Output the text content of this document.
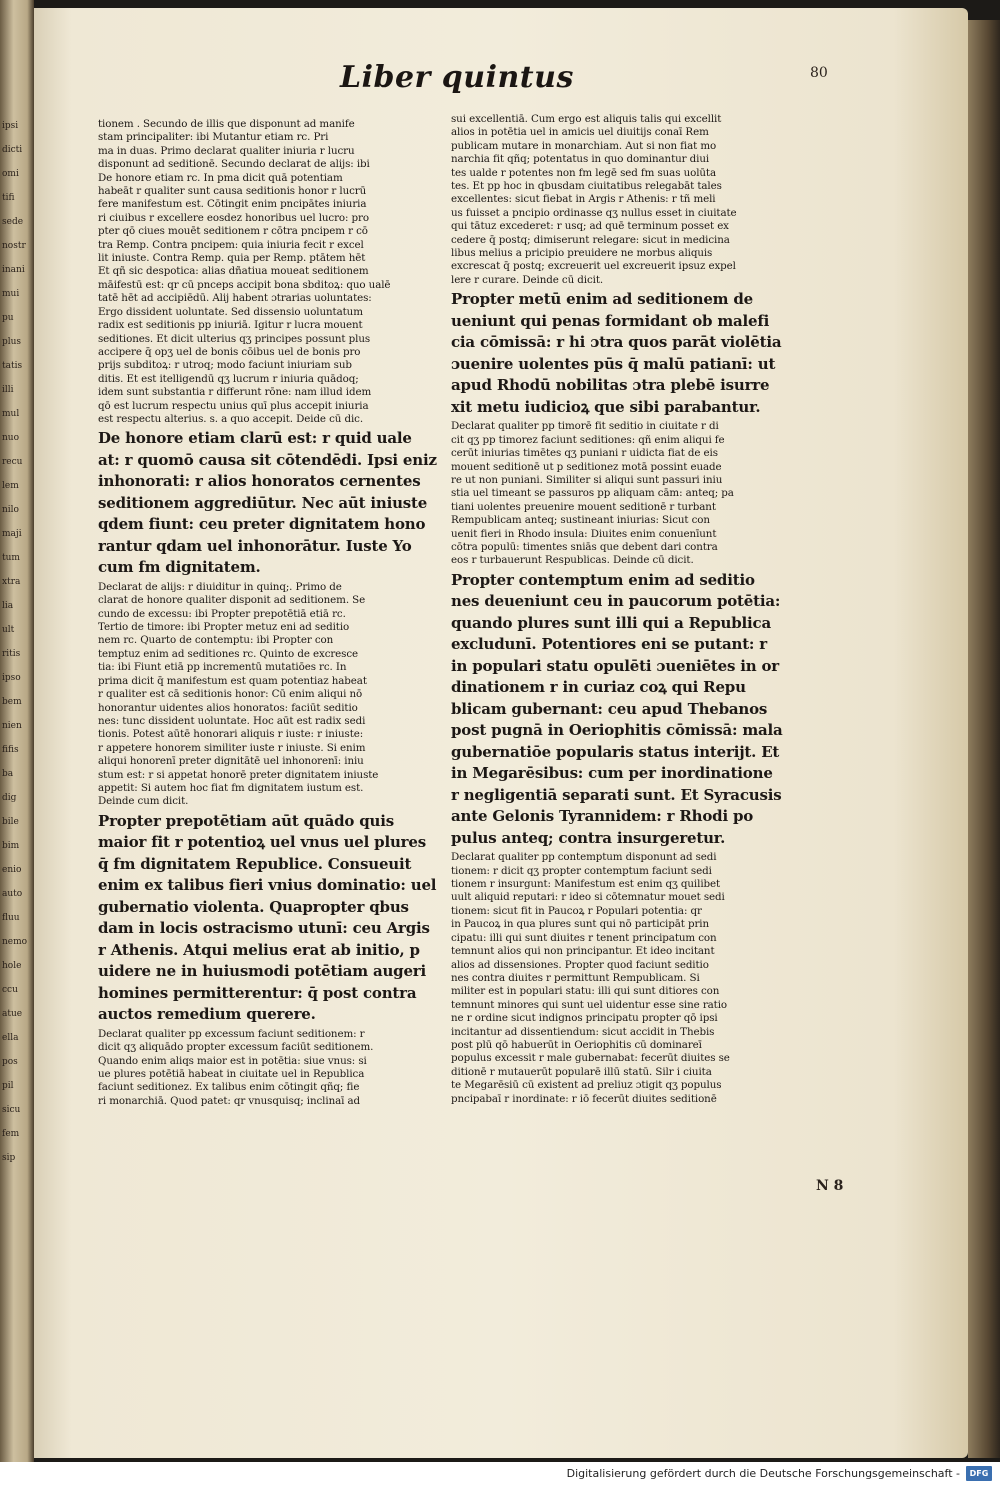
ipsi
dicti
omi
tifi
sede
nostr
inani
mui
pu
plus
tatis
illi
mul
nuo
recu
lem
nilo
maji
tum
xtra
lia
ult
ritis
ipso
bem
nien
fifis
ba
dig
bile
bim
enio
auto
fluu
nemo
hole
ccu
atue
ella
pos
pil
sicu
fem
sip
Liber quintus	80

tionem . Secundo de illis que disponunt ad manife
stam principaliter: ibi Mutantur etiam rc. Pri
ma in duas. Primo declarat qualiter iniuria r lucru
disponunt ad seditionē. Secundo declarat de alijs: ibi
De honore etiam rc. In pma dicit quā potentiam
habeāt r qualiter sunt causa seditionis honor r lucrū
fere manifestum est. Cōtingit enim pncipātes iniuria
ri ciuibus r excellere eosdez honoribus uel lucro: pro
pter qō ciues mouēt seditionem r cōtra pncipem r cō
tra Remp. Contra pncipem: quia iniuria fecit r excel
lit iniuste. Contra Remp. quia per Remp. ptātem hēt
Et qñ sic despotica: alias dñatiua moueat seditionem
māifestū est: qr cū pnceps accipit bona sbditoꝝ: quo ualē
tatē hēt ad accipiēdū. Alij habent ɔtrarias uoluntates:
Ergo dissident uoluntate. Sed dissensio uoluntatum
radix est seditionis pp iniuriā. Igitur r lucra mouent
seditiones. Et dicit ulterius qʒ principes possunt plus
accipere q̄ opʒ uel de bonis cōibus uel de bonis pro
prijs subditoꝝ: r utroq; modo faciunt iniuriam sub
ditis. Et est itelligendū qʒ lucrum r iniuria quādoq;
idem sunt substantia r differunt rōne: nam illud idem
qō est lucrum respectu unius quī plus accepit iniuria
est respectu alterius. s. a quo accepit. Deide cū dic.

De honore etiam clarū est: r quid uale
at: r quomō causa sit cōtendēdi. Ipsi eniz
inhonorati: r alios honoratos cernentes
seditionem aggrediūtur. Nec aūt iniuste
qdem fiunt: ceu preter dignitatem hono
rantur qdam uel inhonorātur. Iuste Yo
cum fm dignitatem.

Declarat de alijs: r diuiditur in quinq;. Primo de
clarat de honore qualiter disponit ad seditionem. Se
cundo de excessu: ibi Propter prepotētiā etiā rc.
Tertio de timore: ibi Propter metuz eni ad seditio
nem rc. Quarto de contemptu: ibi Propter con
temptuz enim ad seditiones rc. Quinto de excresce
tia: ibi Fiunt etiā pp incrementū mutatiōes rc. In
prima dicit q̄ manifestum est quam potentiaz habeat
r qualiter est cā seditionis honor: Cū enim aliqui nō
honorantur uidentes alios honoratos: faciūt seditio
nes: tunc dissident uoluntate. Hoc aūt est radix sedi
tionis. Potest aūtē honorari aliquis r iuste: r iniuste:
r appetere honorem similiter iuste r iniuste. Si enim
aliqui honorenī preter dignitātē uel inhonorenī: iniu
stum est: r si appetat honorē preter dignitatem iniuste
appetit: Si autem hoc fiat fm dignitatem iustum est.
Deinde cum dicit.

Propter prepotētiam aūt quādo quis
maior fit r potentioꝝ uel vnus uel plures
q̄ fm dignitatem Republice. Consueuit
enim ex talibus fieri vnius dominatio: uel
gubernatio violenta. Quapropter qbus
dam in locis ostracismo utunī: ceu Argis
r Athenis. Atqui melius erat ab initio, p
uidere ne in huiusmodi potētiam augeri
homines permitterentur: q̄ post contra
auctos remedium querere.

Declarat qualiter pp excessum faciunt seditionem: r
dicit qʒ aliquādo propter excessum faciūt seditionem.
Quando enim aliqs maior est in potētia: siue vnus: si
ue plures potētiā habeat in ciuitate uel in Republica
faciunt seditionez. Ex talibus enim cōtingit qñq; fie
ri monarchiā. Quod patet: qr vnusquisq; inclinaī ad

sui excellentiā. Cum ergo est aliquis talis qui excellit
alios in potētia uel in amicis uel diuitijs conaī Rem
publicam mutare in monarchiam. Aut si non fiat mo
narchia fit qñq; potentatus in quo dominantur diui
tes ualde r potentes non fm legē sed fm suas uolūta
tes. Et pp hoc in qbusdam ciuitatibus relegabāt tales
excellentes: sicut fiebat in Argis r Athenis: r tñ meli
us fuisset a pncipio ordinasse qʒ nullus esset in ciuitate
qui tātuz excederet: r usq; ad quē terminum posset ex
cedere q̄ postq; dimiserunt relegare: sicut in medicina
libus melius a pricipio preuidere ne morbus aliquis
excrescat q̄ postq; excreuerit uel excreuerit ipsuz expel
lere r curare. Deinde cū dicit.

Propter metū enim ad seditionem de
ueniunt qui penas formidant ob malefi
cia cōmissā: r hi ɔtra quos parāt violētia
ɔuenire uolentes pūs q̄ malū patianī: ut
apud Rhodū nobilitas ɔtra plebē isurre
xit metu iudicioꝝ que sibi parabantur.

Declarat qualiter pp timorē fit seditio in ciuitate r di
cit qʒ pp timorez faciunt seditiones: qñ enim aliqui fe
cerūt iniurias timētes qʒ puniani r uidicta fiat de eis
mouent seditionē ut p seditionez motā possint euade
re ut non puniani. Similiter si aliqui sunt passuri iniu
stia uel timeant se passuros pp aliquam cām: anteq; pa
tiani uolentes preuenire mouent seditionē r turbant
Rempublicam anteq; sustineant iniurias: Sicut con
uenit fieri in Rhodo insula: Diuites enim conuenīunt
cōtra populū: timentes sniās que debent dari contra
eos r turbauerunt Respublicas. Deinde cū dicit.

Propter contemptum enim ad seditio
nes deueniunt ceu in paucorum potētia:
quando plures sunt illi qui a Republica
excludunī. Potentiores eni se putant: r
in populari statu opulēti ɔueniētes in or
dinationem r in curiaz coꝝ qui Repu
blicam gubernant: ceu apud Thebanos
post pugnā in Oeriophitis cōmissā: mala
gubernatiōe popularis status interijt. Et
in Megarēsibus: cum per inordinatione
r negligentiā separati sunt. Et Syracusis
ante Gelonis Tyrannidem: r Rhodi po
pulus anteq; contra insurgeretur.

Declarat qualiter pp contemptum disponunt ad sedi
tionem: r dicit qʒ propter contemptum faciunt sedi
tionem r insurgunt: Manifestum est enim qʒ quilibet
uult aliquid reputari: r ideo si cōtemnatur mouet sedi
tionem: sicut fit in Paucoꝝ r Populari potentia: qr
in Paucoꝝ in qua plures sunt qui nō participāt prin
cipatu: illi qui sunt diuites r tenent principatum con
temnunt alios qui non principantur. Et ideo incitant
alios ad dissensiones. Propter quod faciunt seditio
nes contra diuites r permittunt Rempublicam. Si
militer est in populari statu: illi qui sunt ditiores con
temnunt minores qui sunt uel uidentur esse sine ratio
ne r ordine sicut indignos principatu propter qō ipsi
incitantur ad dissentiendum: sicut accidit in Thebis
post plū qō habuerūt in Oeriophitis cū dominareī
populus excessit r male gubernabat: fecerūt diuites se
ditionē r mutauerūt popularē illū statū. Silr i ciuita
te Megarēsiū cū existent ad preliuz ɔtigit qʒ populus
pncipabaī r inordinate: r iō fecerūt diuites seditionē

N 8
Digitalisierung gefördert durch die Deutsche Forschungsgemeinschaft -	DFG
